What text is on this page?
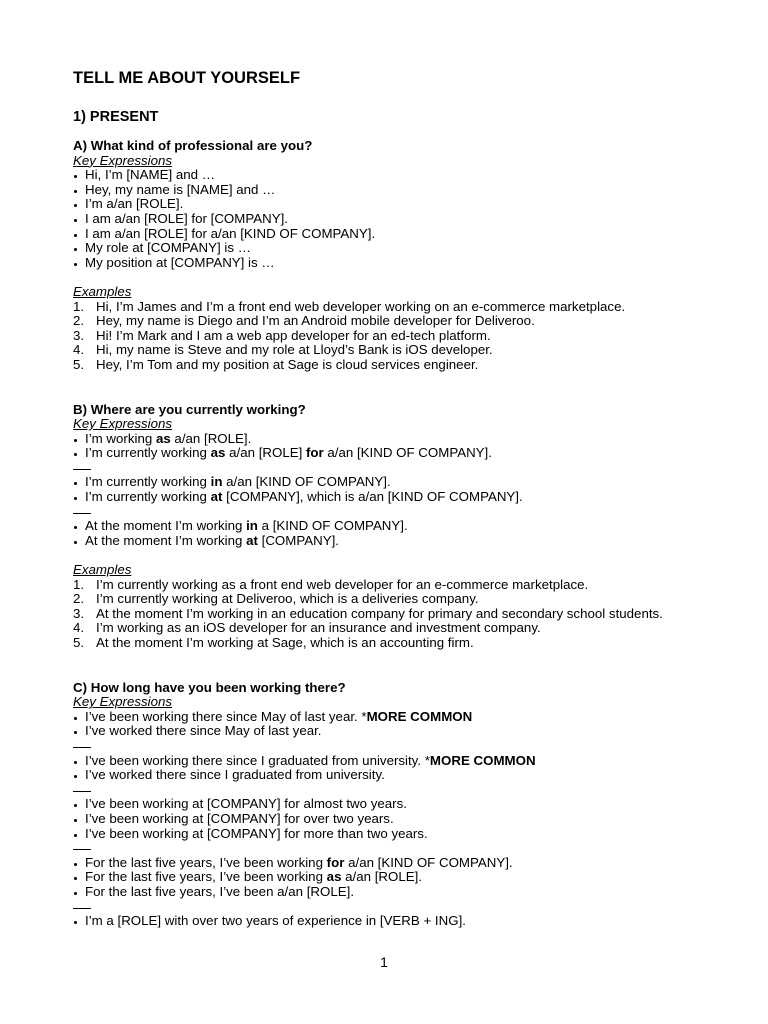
TELL ME ABOUT YOURSELF
1) PRESENT
A) What kind of professional are you?
Key Expressions
Hi, I’m [NAME] and …
Hey, my name is [NAME] and …
I’m a/an [ROLE].
I am a/an [ROLE] for [COMPANY].
I am a/an [ROLE] for a/an [KIND OF COMPANY].
My role at [COMPANY] is …
My position at [COMPANY] is …
Examples
1. Hi, I’m James and I’m a front end web developer working on an e-commerce marketplace.
2. Hey, my name is Diego and I’m an Android mobile developer for Deliveroo.
3. Hi! I’m Mark and I am a web app developer for an ed-tech platform.
4. Hi, my name is Steve and my role at Lloyd’s Bank is iOS developer.
5. Hey, I’m Tom and my position at Sage is cloud services engineer.
B) Where are you currently working?
Key Expressions
I’m working as a/an [ROLE].
I’m currently working as a/an [ROLE] for a/an [KIND OF COMPANY].
I’m currently working in a/an [KIND OF COMPANY].
I’m currently working at [COMPANY], which is a/an [KIND OF COMPANY].
At the moment I’m working in a [KIND OF COMPANY].
At the moment I’m working at [COMPANY].
Examples
1. I’m currently working as a front end web developer for an e-commerce marketplace.
2. I’m currently working at Deliveroo, which is a deliveries company.
3. At the moment I’m working in an education company for primary and secondary school students.
4. I’m working as an iOS developer for an insurance and investment company.
5. At the moment I’m working at Sage, which is an accounting firm.
C) How long have you been working there?
Key Expressions
I’ve been working there since May of last year. *MORE COMMON
I’ve worked there since May of last year.
I’ve been working there since I graduated from university. *MORE COMMON
I’ve worked there since I graduated from university.
I’ve been working at [COMPANY] for almost two years.
I’ve been working at [COMPANY] for over two years.
I’ve been working at [COMPANY] for more than two years.
For the last five years, I’ve been working for a/an [KIND OF COMPANY].
For the last five years, I’ve been working as a/an [ROLE].
For the last five years, I’ve been a/an [ROLE].
I’m a [ROLE] with over two years of experience in [VERB + ING].
1
